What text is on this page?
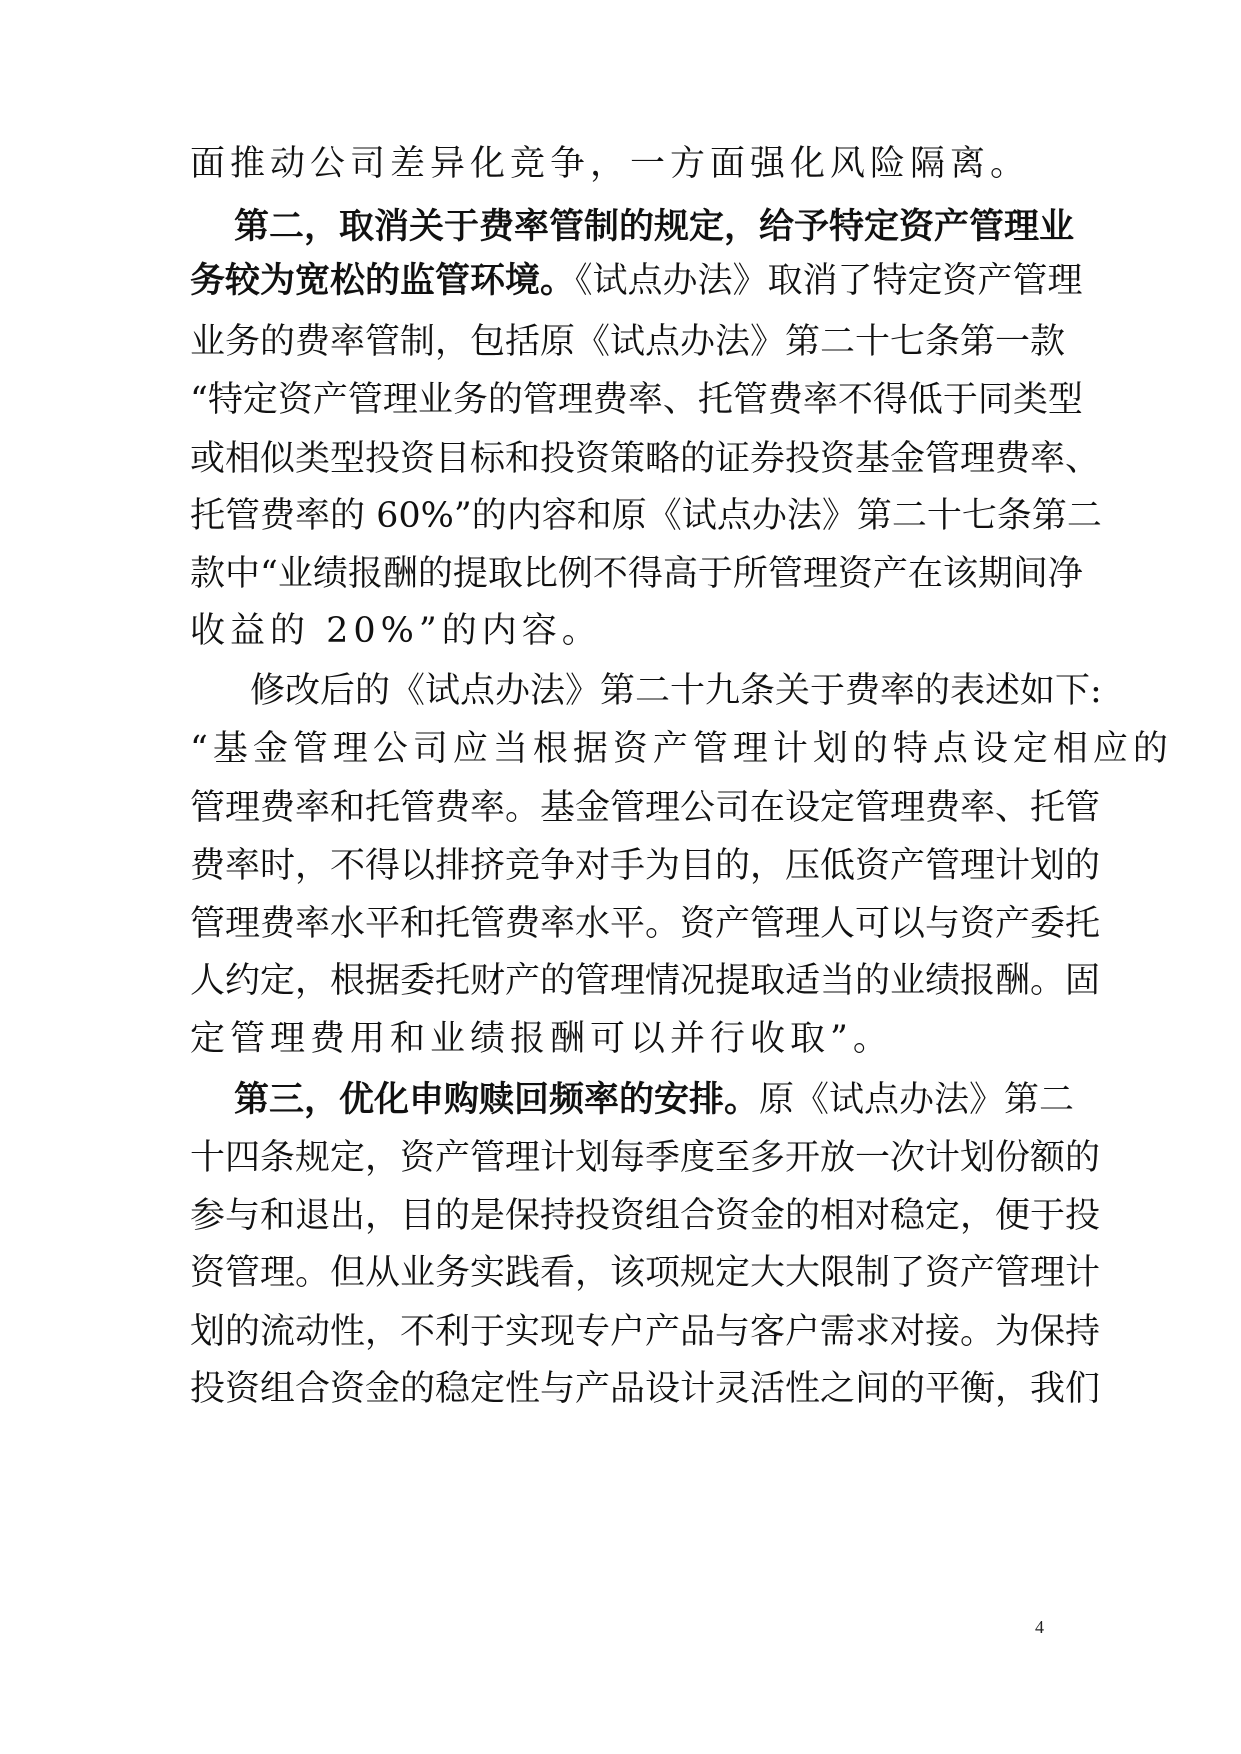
面推动公司差异化竞争，一方面强化风险隔离。
第二，取消关于费率管制的规定，给予特定资产管理业
务较为宽松的监管环境。《试点办法》取消了特定资产管理
业务的费率管制，包括原《试点办法》第二十七条第一款
“特定资产管理业务的管理费率、托管费率不得低于同类型
或相似类型投资目标和投资策略的证券投资基金管理费率、
托管费率的 60%”的内容和原《试点办法》第二十七条第二
款中“业绩报酬的提取比例不得高于所管理资产在该期间净
收益的 20%”的内容。
修改后的《试点办法》第二十九条关于费率的表述如下:
“基金管理公司应当根据资产管理计划的特点设定相应的
管理费率和托管费率。基金管理公司在设定管理费率、托管
费率时，不得以排挤竞争对手为目的，压低资产管理计划的
管理费率水平和托管费率水平。资产管理人可以与资产委托
人约定，根据委托财产的管理情况提取适当的业绩报酬。固
定管理费用和业绩报酬可以并行收取”。
第三，优化申购赎回频率的安排。原《试点办法》第二
十四条规定，资产管理计划每季度至多开放一次计划份额的
参与和退出，目的是保持投资组合资金的相对稳定，便于投
资管理。但从业务实践看，该项规定大大限制了资产管理计
划的流动性，不利于实现专户产品与客户需求对接。为保持
投资组合资金的稳定性与产品设计灵活性之间的平衡，我们
4
